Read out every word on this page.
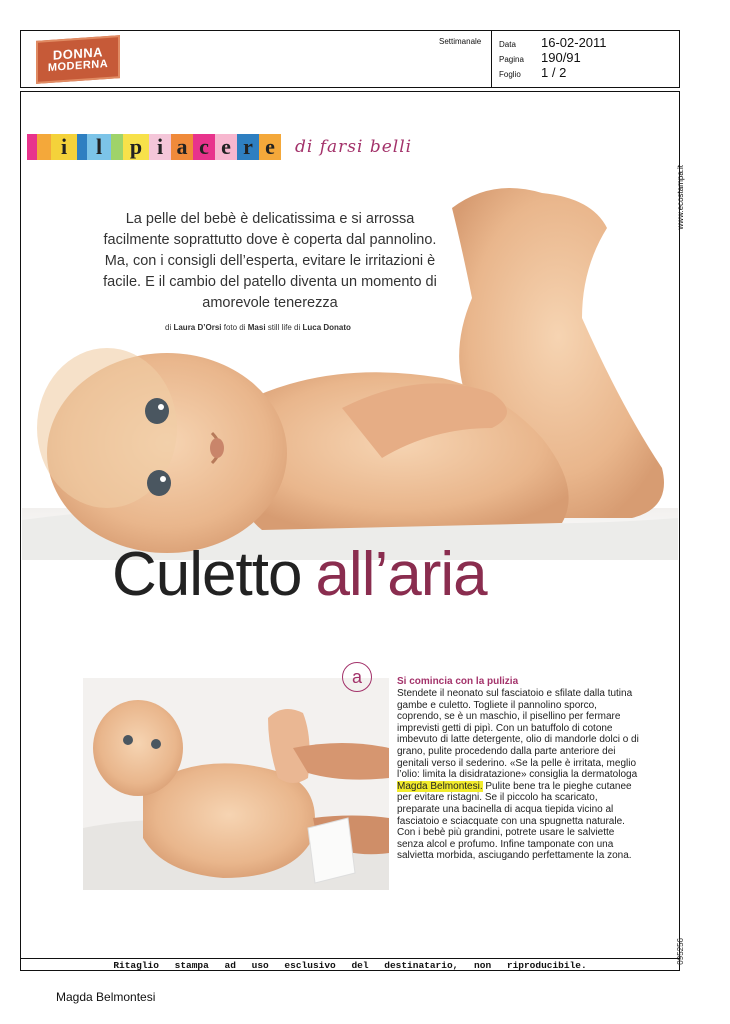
DONNA
MODERNA
Settimanale Data	16-02-2011
Pagina	190/91
Foglio	1 / 2
www.ecostampa.it
095256
i	l	p i a c e r e	di farsi belli
La pelle del bebè è delicatissima e si arrossa facilmente soprattutto dove è coperta dal pannolino. Ma, con i consigli dell’esperta, evitare le irritazioni è facile. E il cambio del patello diventa un momento di amorevole tenerezza
di Laura D’Orsi foto di Masi still life di Luca Donato
Culetto all’aria
a	Si comincia con la pulizia
Stendete il neonato sul fasciatoio e sfilate dalla tutina gambe e culetto. Togliete il pannolino sporco, coprendo, se è un maschio, il pisellino per fermare imprevisti getti di pipì. Con un batuffolo di cotone imbevuto di latte detergente, olio di mandorle dolci o di grano, pulite procedendo dalla parte anteriore dei genitali verso il sederino. «Se la pelle è irritata, meglio l’olio: limita la disidratazione» consiglia la dermatologa Magda Belmontesi. Pulite bene tra le pieghe cutanee per evitare ristagni. Se il piccolo ha scaricato, preparate una bacinella di acqua tiepida vicino al fasciatoio e sciacquate con una spugnetta naturale. Con i bebè più grandini, potrete usare le salviette senza alcol e profumo. Infine tamponate con una salvietta morbida, asciugando perfettamente la zona.
Ritaglio stampa ad uso esclusivo del destinatario, non riproducibile.
Magda Belmontesi
